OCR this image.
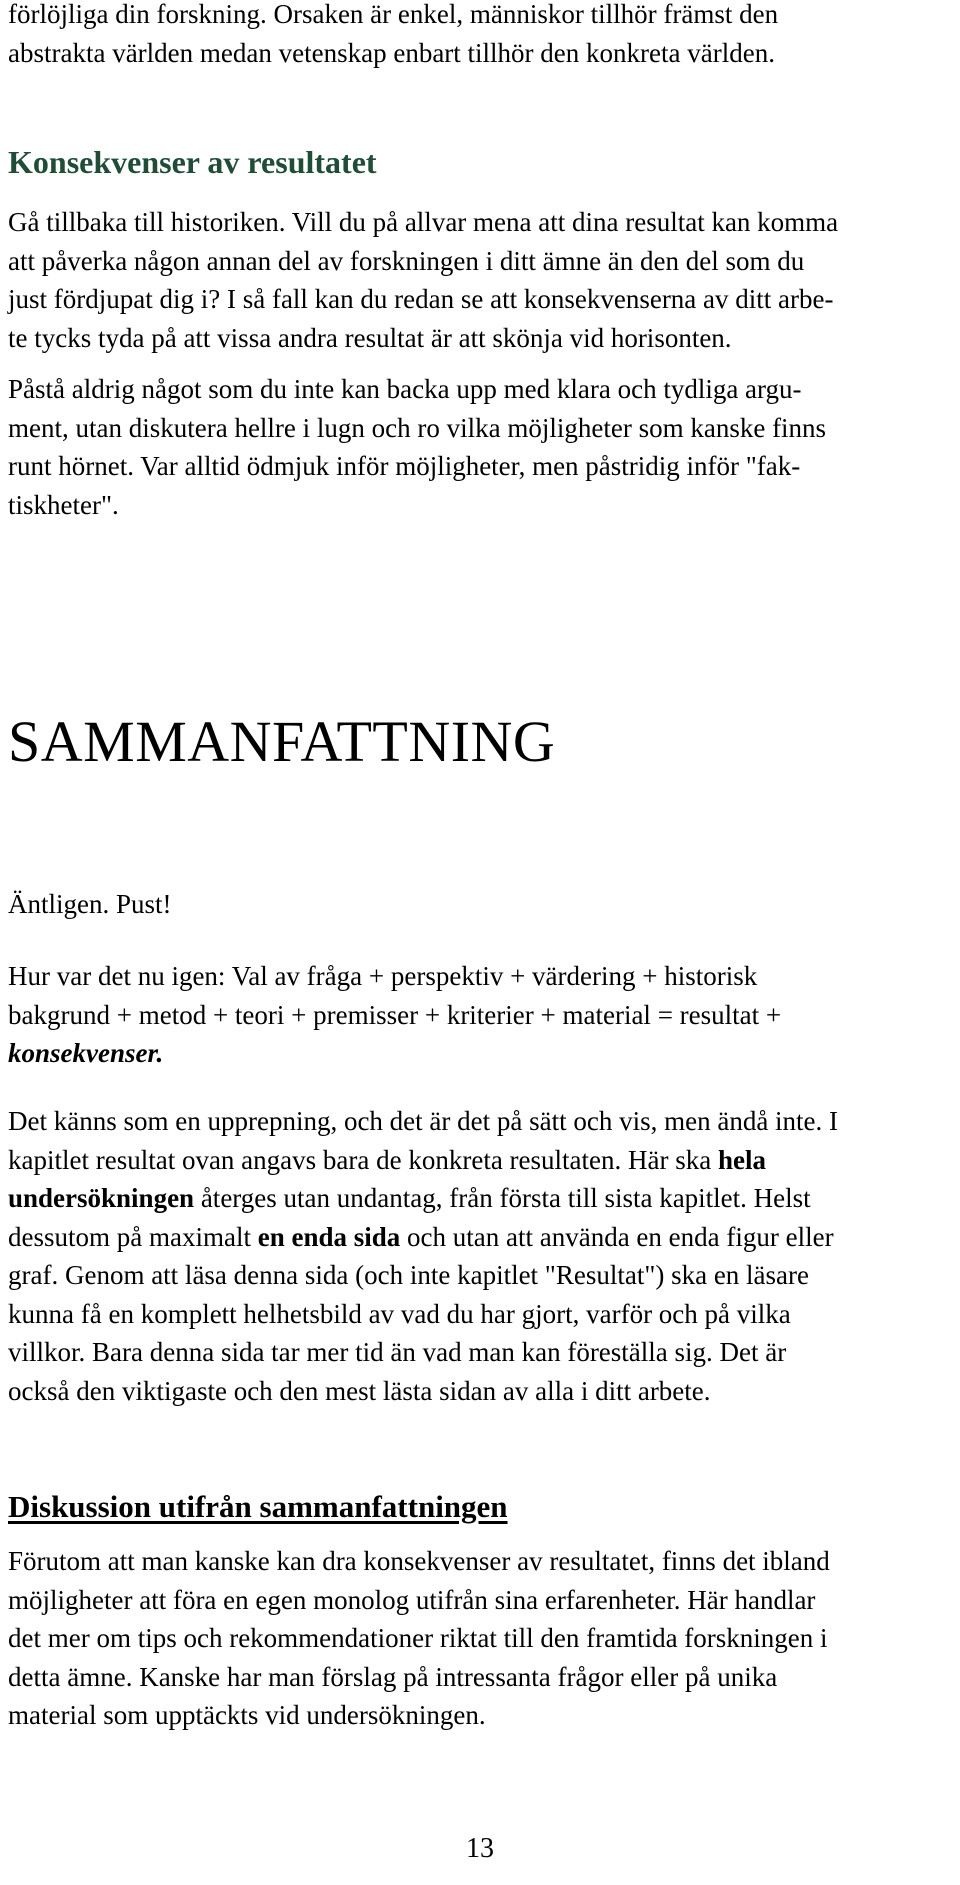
förlöjliga din forskning. Orsaken är enkel, människor tillhör främst den
abstrakta världen medan vetenskap enbart tillhör den konkreta världen.
Konsekvenser av resultatet
Gå tillbaka till historiken. Vill du på allvar mena att dina resultat kan komma
att påverka någon annan del av forskningen i ditt ämne än den del som du
just fördjupat dig i? I så fall kan du redan se att konsekvenserna av ditt arbe-
te tycks tyda på att vissa andra resultat är att skönja vid horisonten.
Påstå aldrig något som du inte kan backa upp med klara och tydliga argu-
ment, utan diskutera hellre i lugn och ro vilka möjligheter som kanske finns
runt hörnet. Var alltid ödmjuk inför möjligheter, men påstridig inför "fak-
tiskheter".
SAMMANFATTNING

Äntligen. Pust!

Hur var det nu igen: Val av fråga + perspektiv + värdering + historisk
bakgrund + metod + teori + premisser + kriterier + material = resultat +
konsekvenser.
Det känns som en upprepning, och det är det på sätt och vis, men ändå inte. I
kapitlet resultat ovan angavs bara de konkreta resultaten. Här ska hela
undersökningen återges utan undantag, från första till sista kapitlet. Helst
dessutom på maximalt en enda sida och utan att använda en enda figur eller
graf. Genom att läsa denna sida (och inte kapitlet "Resultat") ska en läsare
kunna få en komplett helhetsbild av vad du har gjort, varför och på vilka
villkor. Bara denna sida tar mer tid än vad man kan föreställa sig. Det är
också den viktigaste och den mest lästa sidan av alla i ditt arbete.
Diskussion utifrån sammanfattningen
Förutom att man kanske kan dra konsekvenser av resultatet, finns det ibland
möjligheter att föra en egen monolog utifrån sina erfarenheter. Här handlar
det mer om tips och rekommendationer riktat till den framtida forskningen i
detta ämne. Kanske har man förslag på intressanta frågor eller på unika
material som upptäckts vid undersökningen.
13
